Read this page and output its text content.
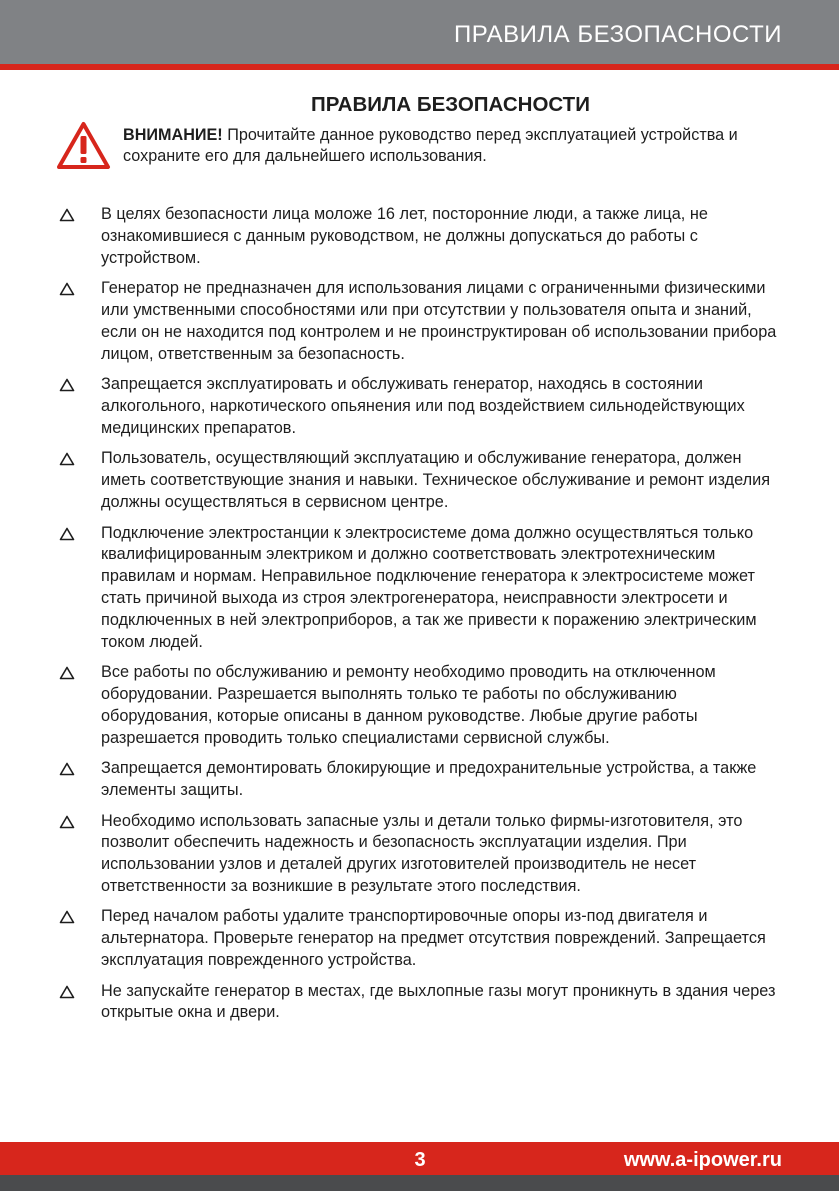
ПРАВИЛА БЕЗОПАСНОСТИ
ПРАВИЛА БЕЗОПАСНОСТИ
ВНИМАНИЕ! Прочитайте данное руководство перед эксплуатацией устройства и сохраните его для дальнейшего использования.
В целях безопасности лица моложе 16 лет, посторонние люди, а также лица, не ознакомившиеся с данным руководством, не должны допускаться до работы с устройством.
Генератор не предназначен для использования лицами с ограниченными физическими или умственными способностями или при отсутствии у пользователя опыта и знаний, если он не находится под контролем и не проинструктирован об использовании прибора лицом, ответственным за безопасность.
Запрещается эксплуатировать и обслуживать генератор, находясь в состоянии алкогольного, наркотического опьянения или под воздействием сильнодействующих медицинских препаратов.
Пользователь, осуществляющий эксплуатацию и обслуживание генератора, должен иметь соответствующие знания и навыки. Техническое обслуживание и ремонт изделия должны осуществляться в сервисном центре.
Подключение электростанции к электросистеме дома должно осуществляться только квалифицированным электриком и должно соответствовать электротехническим правилам и нормам. Неправильное подключение генератора к электросистеме может стать причиной выхода из строя электрогенератора, неисправности электросети и подключенных в ней электроприборов, а так же привести к поражению электрическим током людей.
Все работы по обслуживанию и ремонту необходимо проводить на отключенном оборудовании. Разрешается выполнять только те работы по обслуживанию оборудования, которые описаны в данном руководстве. Любые другие работы разрешается проводить только специалистами сервисной службы.
Запрещается демонтировать блокирующие и предохранительные устройства, а также элементы защиты.
Необходимо использовать запасные узлы и детали только фирмы-изготовителя, это позволит обеспечить надежность и безопасность эксплуатации изделия. При использовании узлов и деталей других изготовителей производитель не несет ответственности за возникшие в результате этого последствия.
Перед началом работы удалите транспортировочные опоры из-под двигателя и альтернатора. Проверьте генератор на предмет отсутствия повреждений. Запрещается эксплуатация поврежденного устройства.
Не запускайте генератор в местах, где выхлопные газы могут проникнуть в здания через открытые окна и двери.
3	www.a-ipower.ru
